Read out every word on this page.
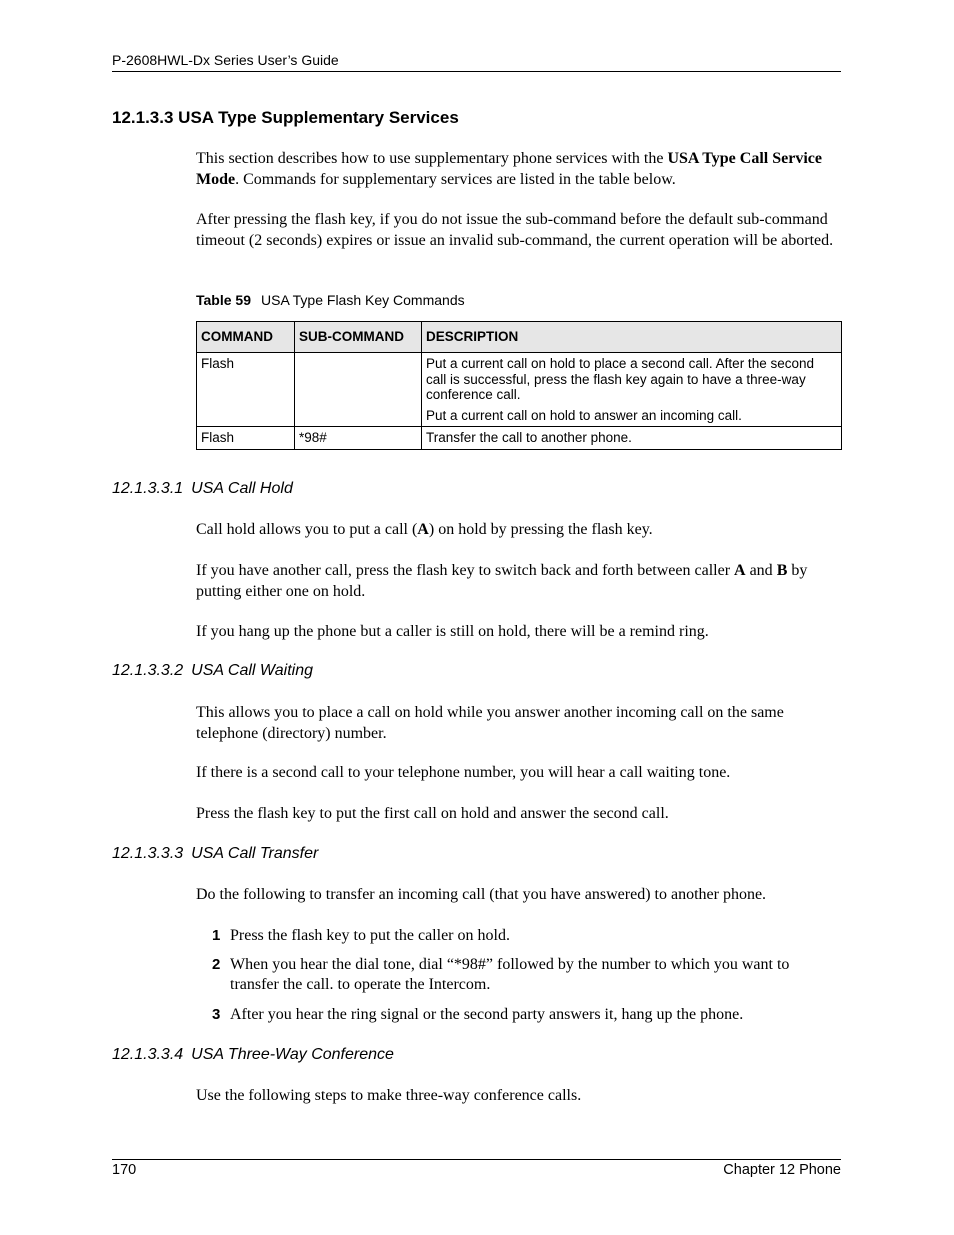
P-2608HWL-Dx Series User’s Guide
12.1.3.3 USA Type Supplementary Services
This section describes how to use supplementary phone services with the USA Type Call Service Mode. Commands for supplementary services are listed in the table below.
After pressing the flash key, if you do not issue the sub-command before the default sub-command timeout (2 seconds) expires or issue an invalid sub-command, the current operation will be aborted.
Table 59 USA Type Flash Key Commands
COMMAND	SUB-COMMAND	DESCRIPTION
Flash		Put a current call on hold to place a second call. After the second call is successful, press the flash key again to have a three-way conference call.

Put a current call on hold to answer an incoming call.

Flash	*98#	Transfer the call to another phone.
12.1.3.3.1 USA Call Hold
Call hold allows you to put a call (A) on hold by pressing the flash key.
If you have another call, press the flash key to switch back and forth between caller A and B by putting either one on hold.
If you hang up the phone but a caller is still on hold, there will be a remind ring.
12.1.3.3.2 USA Call Waiting
This allows you to place a call on hold while you answer another incoming call on the same telephone (directory) number.
If there is a second call to your telephone number, you will hear a call waiting tone.
Press the flash key to put the first call on hold and answer the second call.
12.1.3.3.3 USA Call Transfer
Do the following to transfer an incoming call (that you have answered) to another phone.
1 Press the flash key to put the caller on hold.
2 When you hear the dial tone, dial “*98#” followed by the number to which you want to transfer the call. to operate the Intercom.
3 After you hear the ring signal or the second party answers it, hang up the phone.
12.1.3.3.4 USA Three-Way Conference
Use the following steps to make three-way conference calls.
170	Chapter 12 Phone
